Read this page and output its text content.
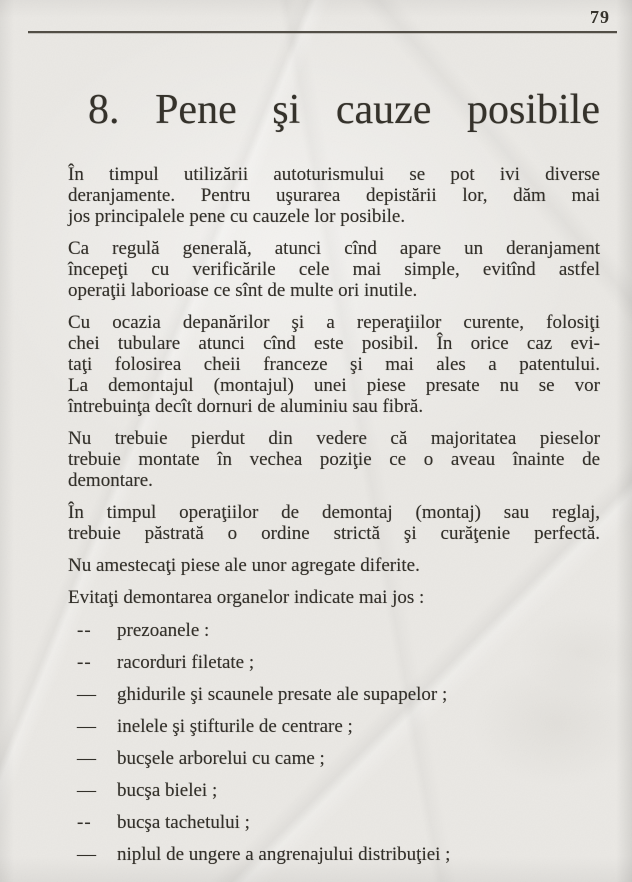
79
8. Pene şi cauze posibile

În timpul utilizării autoturismului se pot ivi diverse
deranjamente. Pentru uşurarea depistării lor, dăm mai
jos principalele pene cu cauzele lor posibile.

Ca regulă generală, atunci cînd apare un deranjament
începeţi cu verificările cele mai simple, evitînd astfel
operaţii laborioase ce sînt de multe ori inutile.

Cu ocazia depanărilor şi a reperaţiilor curente, folosiţi
chei tubulare atunci cînd este posibil. În orice caz evi-
taţi folosirea cheii franceze şi mai ales a patentului.

La demontajul (montajul) unei piese presate nu se vor
întrebuinţa decît dornuri de aluminiu sau fibră.

Nu trebuie pierdut din vedere că majoritatea pieselor
trebuie montate în vechea poziţie ce o aveau înainte de
demontare.

În timpul operaţiilor de demontaj (montaj) sau reglaj,
trebuie păstrată o ordine strictă şi curăţenie perfectă.

Nu amestecaţi piese ale unor agregate diferite.

Evitaţi demontarea organelor indicate mai jos :

-- prezoanele :
-- racorduri filetate ;
— ghidurile şi scaunele presate ale supapelor ;
— inelele şi ştifturile de centrare ;
— bucşele arborelui cu came ;
— bucşa bielei ;
-- bucşa tachetului ;
— niplul de ungere a angrenajului distribuţiei ;
